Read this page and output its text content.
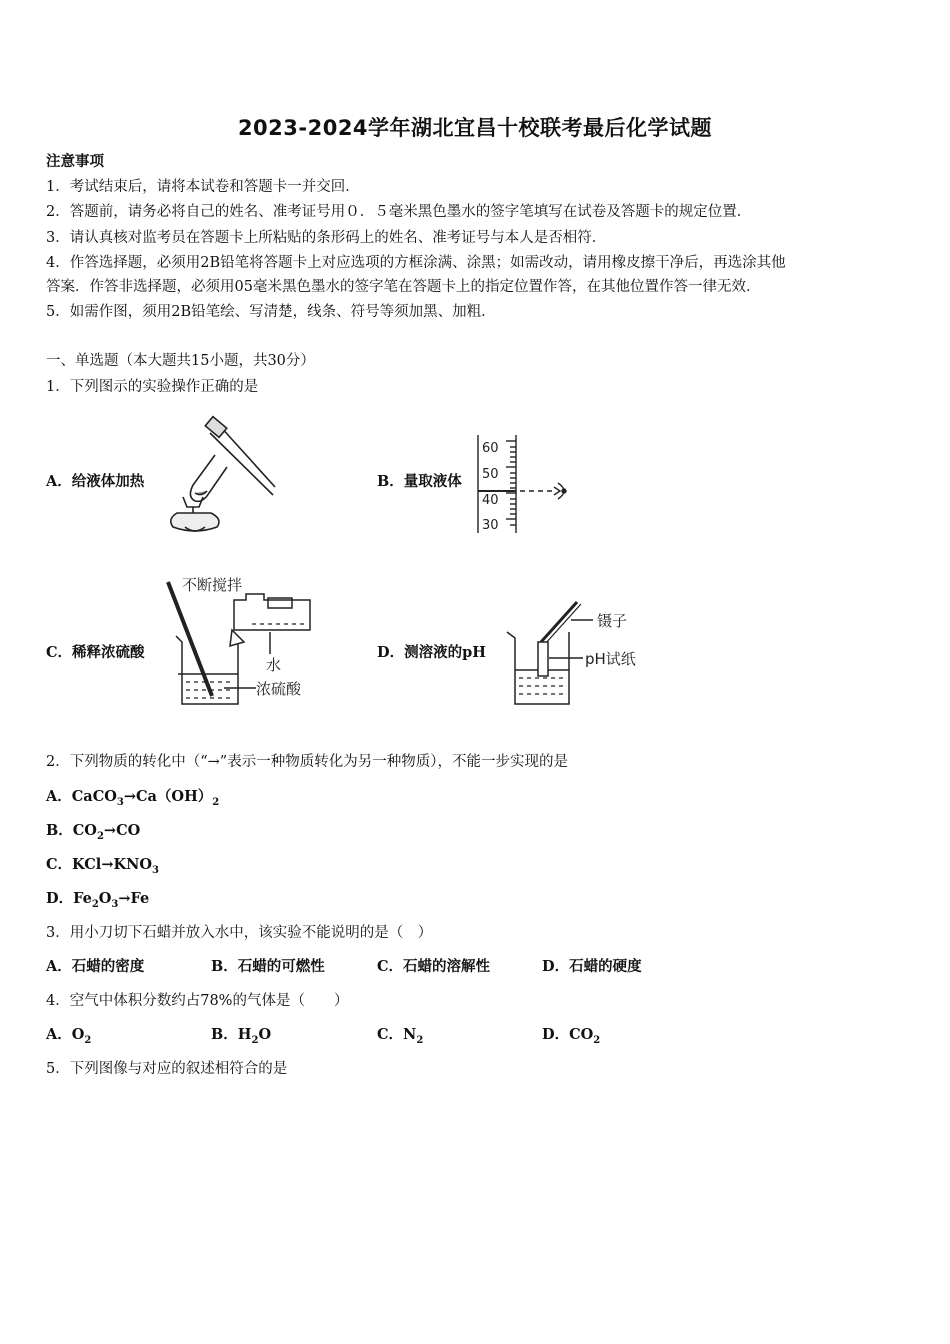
2023-2024学年湖北宜昌十校联考最后化学试题
注意事项
1．考试结束后，请将本试卷和答题卡一并交回．
2．答题前，请务必将自己的姓名、准考证号用０．５毫米黑色墨水的签字笔填写在试卷及答题卡的规定位置．
3．请认真核对监考员在答题卡上所粘贴的条形码上的姓名、准考证号与本人是否相符．
4．作答选择题，必须用2B铅笔将答题卡上对应选项的方框涂满、涂黑；如需改动，请用橡皮擦干净后，再选涂其他
答案．作答非选择题，必须用05毫米黑色墨水的签字笔在答题卡上的指定位置作答，在其他位置作答一律无效．
5．如需作图，须用2B铅笔绘、写清楚，线条、符号等须加黑、加粗．
一、单选题（本大题共15小题，共30分）
1．下列图示的实验操作正确的是
A．给液体加热	B．量取液体
C．稀释浓硫酸	D．测溶液的pH
60
50
40
30
不断搅拌
水
浓硫酸
镊子
pH试纸
2．下列物质的转化中（“→”表示一种物质转化为另一种物质），不能一步实现的是
A．$CaCO_3\to Ca(OH)_2$
B．$CO_2\to CO$
C．$KCl\to KNO_3$
D．$Fe_2O_3\to Fe$
3．用小刀切下石蜡并放入水中，该实验不能说明的是（　）
A．石蜡的密度	B．石蜡的可燃性	C．石蜡的溶解性	D．石蜡的硬度
4．空气中体积分数约占78%的气体是（　　）
A．$O_2$	B．$H_2O$	C．$N_2$	D．$CO_2$
5．下列图像与对应的叙述相符合的是
